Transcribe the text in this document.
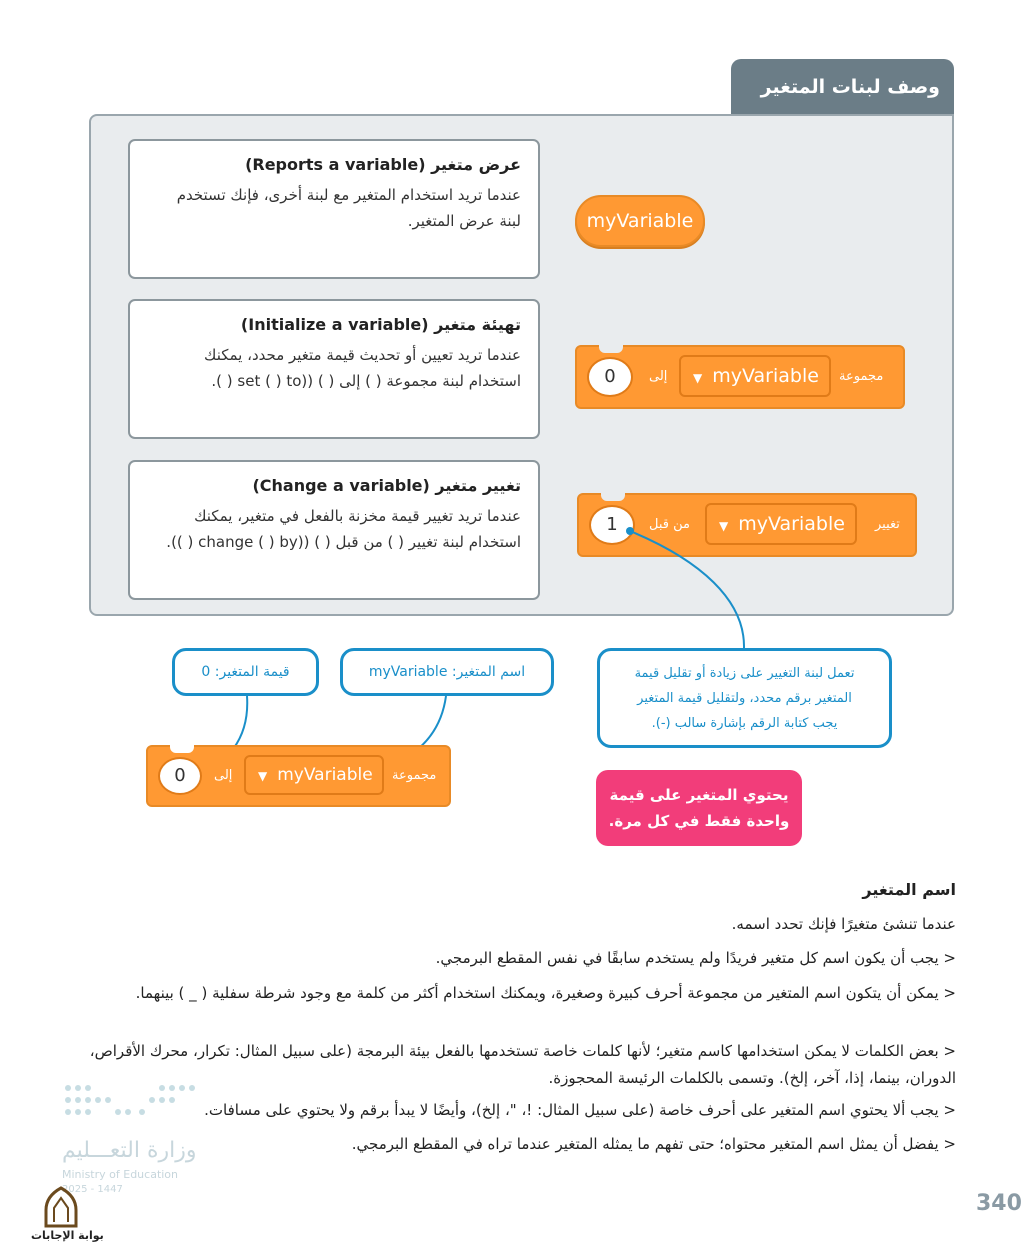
وصف لبنات المتغير
عرض متغير (Reports a variable)

عندما تريد استخدام المتغير مع لبنة أخرى، فإنك تستخدم

لبنة عرض المتغير.

تهيئة متغير (Initialize a variable)

عندما تريد تعيين أو تحديث قيمة متغير محدد، يمكنك

استخدام لبنة مجموعة ( ) إلى ( ) ((set ( ) to ( ).

تغيير متغير (Change a variable)

عندما تريد تغيير قيمة مخزنة بالفعل في متغير، يمكنك

استخدام لبنة تغيير ( ) من قبل ( ) ((change ( ) by ( )).

myVariable
0	إلى	▼ myVariable	مجموعة
1	من قبل	▼ myVariable	تغيير
قيمة المتغير: 0	اسم المتغير: myVariable	تعمل لبنة التغيير على زيادة أو تقليل قيمة
المتغير برقم محدد، ولتقليل قيمة المتغير
يجب كتابة الرقم بإشارة سالب (-).
0	إلى	▼ myVariable	مجموعة
يحتوي المتغير على قيمة
واحدة فقط في كل مرة.
اسم المتغير
عندما تنشئ متغيرًا فإنك تحدد اسمه.
< يجب أن يكون اسم كل متغير فريدًا ولم يستخدم سابقًا في نفس المقطع البرمجي.
< يمكن أن يتكون اسم المتغير من مجموعة أحرف كبيرة وصغيرة، ويمكنك استخدام أكثر من كلمة مع وجود شرطة سفلية ( _ ) بينهما.
< بعض الكلمات لا يمكن استخدامها كاسم متغير؛ لأنها كلمات خاصة تستخدمها بالفعل بيئة البرمجة (على سبيل المثال: تكرار، محرك الأقراص، الدوران، بينما، إذا، آخر، إلخ). وتسمى بالكلمات الرئيسة المحجوزة.
< يجب ألا يحتوي اسم المتغير على أحرف خاصة (على سبيل المثال: !، "، إلخ)، وأيضًا لا يبدأ برقم ولا يحتوي على مسافات.
< يفضل أن يمثل اسم المتغير محتواه؛ حتى تفهم ما يمثله المتغير عندما تراه في المقطع البرمجي.
وزارة التعـــليم
Ministry of Education
2025 - 1447
بوابة الإجابات
340
